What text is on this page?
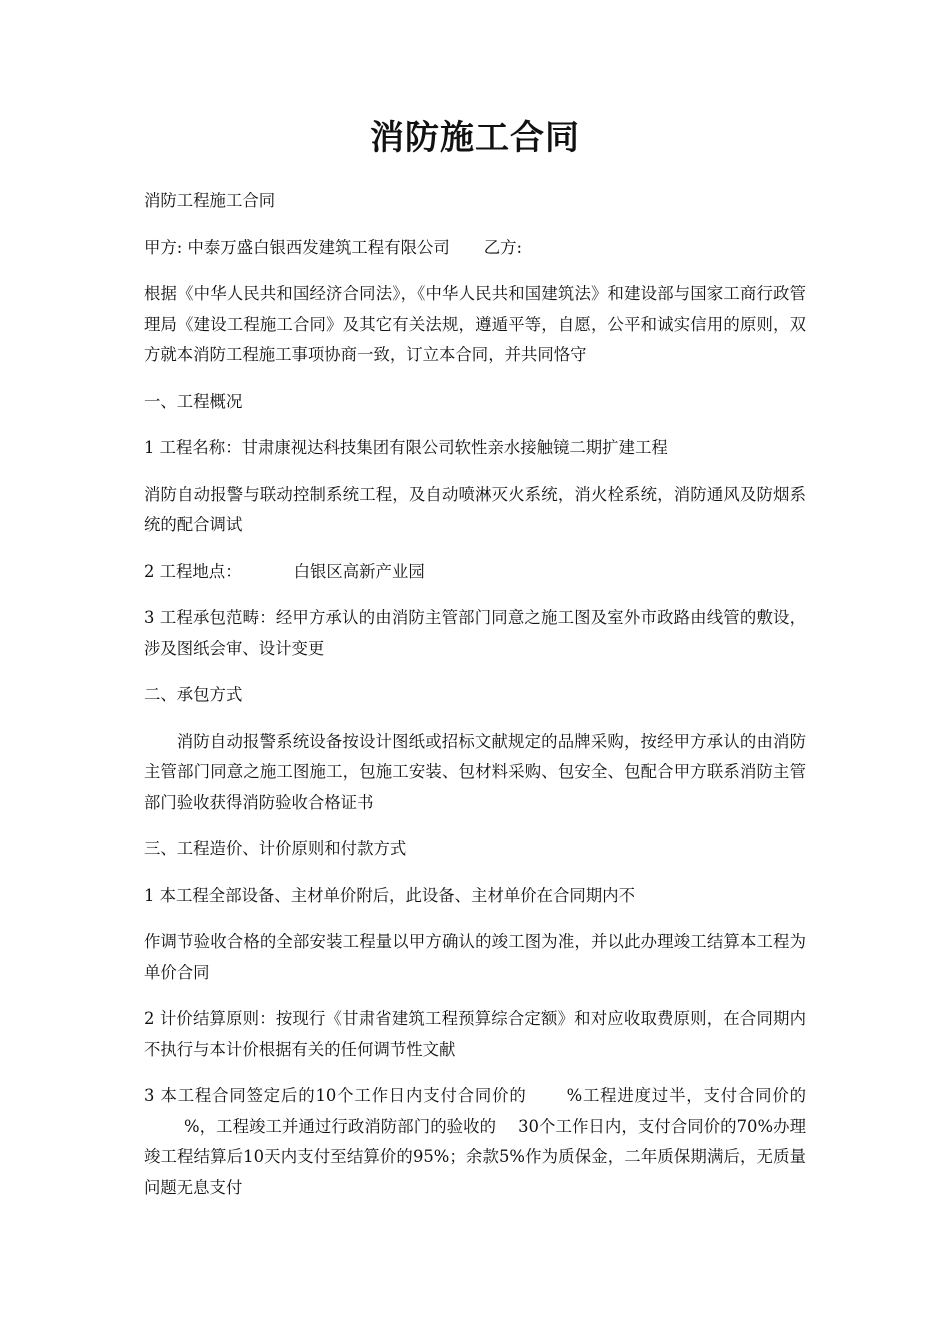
消防施工合同

消防工程施工合同

甲方: 中泰万盛白银西发建筑工程有限公司 乙方:

根据《中华人民共和国经济合同法》，《中华人民共和国建筑法》和建设部与国家工商行政管理局《建设工程施工合同》及其它有关法规，遵遁平等，自愿，公平和诚实信用的原则，双方就本消防工程施工事项协商一致，订立本合同，并共同恪守

一、工程概况

1 工程名称：甘肃康视达科技集团有限公司软性亲水接触镜二期扩建工程

消防自动报警与联动控制系统工程，及自动喷淋灭火系统，消火栓系统，消防通风及防烟系统的配合调试

2 工程地点：	白银区高新产业园

3 工程承包范畴：经甲方承认的由消防主管部门同意之施工图及室外市政路由线管的敷设，涉及图纸会审、设计变更

二、承包方式

消防自动报警系统设备按设计图纸或招标文献规定的品牌采购，按经甲方承认的由消防主管部门同意之施工图施工，包施工安装、包材料采购、包安全、包配合甲方联系消防主管部门验收获得消防验收合格证书

三、工程造价、计价原则和付款方式

1 本工程全部设备、主材单价附后，此设备、主材单价在合同期内不

作调节验收合格的全部安装工程量以甲方确认的竣工图为准，并以此办理竣工结算本工程为单价合同

2 计价结算原则：按现行《甘肃省建筑工程预算综合定额》和对应收取费原则，在合同期内不执行与本计价根据有关的任何调节性文献

3 本工程合同签定后的10个工作日内支付合同价的 %工程进度过半，支付合同价的%，工程竣工并通过行政消防部门的验收的 30个工作日内，支付合同价的70%办理竣工程结算后10天内支付至结算价的95%；余款5%作为质保金，二年质保期满后，无质量问题无息支付
